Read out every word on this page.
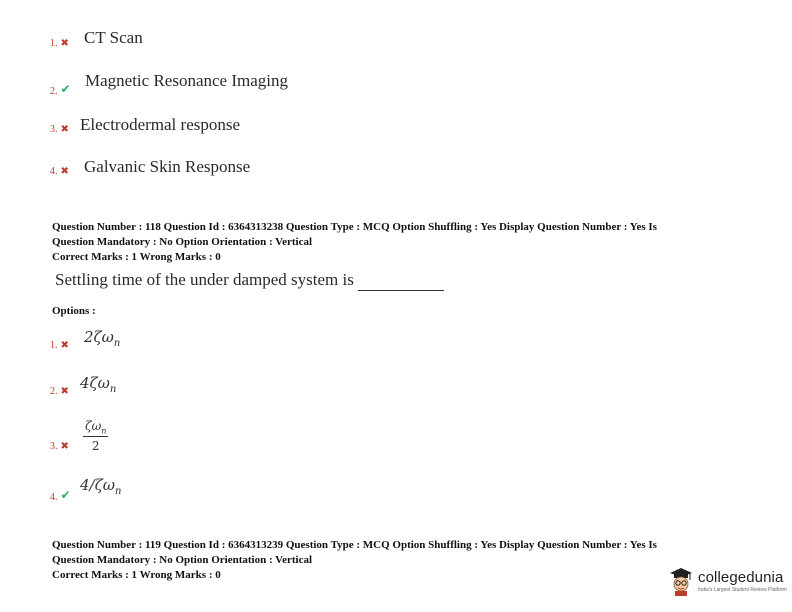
1. ✖ CT Scan
2. ✔ Magnetic Resonance Imaging
3. ✖ Electrodermal response
4. ✖ Galvanic Skin Response
Question Number : 118 Question Id : 6364313238 Question Type : MCQ Option Shuffling : Yes Display Question Number : Yes Is
Question Mandatory : No Option Orientation : Vertical
Correct Marks : 1 Wrong Marks : 0
Settling time of the under damped system is
Options :
1. ✖ $2\zeta\omega_n$
2. ✖ $4\zeta\omega_n$
3. ✖
$\zeta\omega_n$
2
4. ✔
$4/\zeta\omega_n$
Question Number : 119 Question Id : 6364313239 Question Type : MCQ Option Shuffling : Yes Display Question Number : Yes Is
Question Mandatory : No Option Orientation : Vertical
Correct Marks : 1 Wrong Marks : 0	collegedunia
India's Largest Student Review Platform
